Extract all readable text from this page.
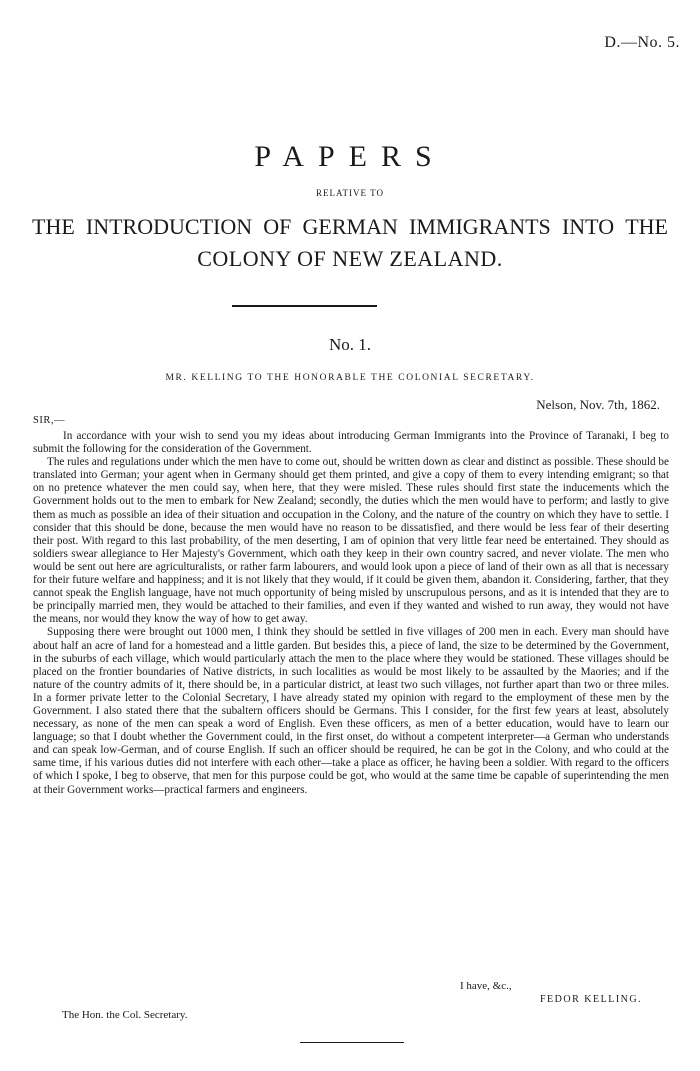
D.—No. 5.
PAPERS
RELATIVE TO
THE INTRODUCTION OF GERMAN IMMIGRANTS INTO THE
COLONY OF NEW ZEALAND.
No. 1.
MR. KELLING TO THE HONORABLE THE COLONIAL SECRETARY.
Nelson, Nov. 7th, 1862.
SIR,—

In accordance with your wish to send you my ideas about introducing German Immigrants into the Province of Taranaki, I beg to submit the following for the consideration of the Government.

The rules and regulations under which the men have to come out, should be written down as clear and distinct as possible. These should be translated into German; your agent when in Germany should get them printed, and give a copy of them to every intending emigrant; so that on no pretence whatever the men could say, when here, that they were misled. These rules should first state the inducements which the Government holds out to the men to embark for New Zealand; secondly, the duties which the men would have to perform; and lastly to give them as much as possible an idea of their situation and occupation in the Colony, and the nature of the country on which they have to settle. I consider that this should be done, because the men would have no reason to be dissatisfied, and there would be less fear of their deserting their post. With regard to this last probability, of the men deserting, I am of opinion that very little fear need be entertained. They should as soldiers swear allegiance to Her Majesty's Government, which oath they keep in their own country sacred, and never violate. The men who would be sent out here are agriculturalists, or rather farm labourers, and would look upon a piece of land of their own as all that is necessary for their future welfare and happiness; and it is not likely that they would, if it could be given them, abandon it. Considering, farther, that they cannot speak the English language, have not much opportunity of being misled by unscrupulous persons, and as it is intended that they are to be principally married men, they would be attached to their families, and even if they wanted and wished to run away, they would not have the means, nor would they know the way of how to get away.

Supposing there were brought out 1000 men, I think they should be settled in five villages of 200 men in each. Every man should have about half an acre of land for a homestead and a little garden. But besides this, a piece of land, the size to be determined by the Government, in the suburbs of each village, which would particularly attach the men to the place where they would be stationed. These villages should be placed on the frontier boundaries of Native districts, in such localities as would be most likely to be assaulted by the Maories; and if the nature of the country admits of it, there should be, in a particular district, at least two such villages, not further apart than two or three miles. In a former private letter to the Colonial Secretary, I have already stated my opinion with regard to the employment of these men by the Government. I also stated there that the subaltern officers should be Germans. This I consider, for the first few years at least, absolutely necessary, as none of the men can speak a word of English. Even these officers, as men of a better education, would have to learn our language; so that I doubt whether the Government could, in the first onset, do without a competent interpreter—a German who understands and can speak low-German, and of course English. If such an officer should be required, he can be got in the Colony, and who could at the same time, if his various duties did not interfere with each other—take a place as officer, he having been a soldier. With regard to the officers of which I spoke, I beg to observe, that men for this purpose could be got, who would at the same time be capable of superintending the men at their Government works—practical farmers and engineers.

I have, &c.,
FEDOR KELLING.
The Hon. the Col. Secretary.
